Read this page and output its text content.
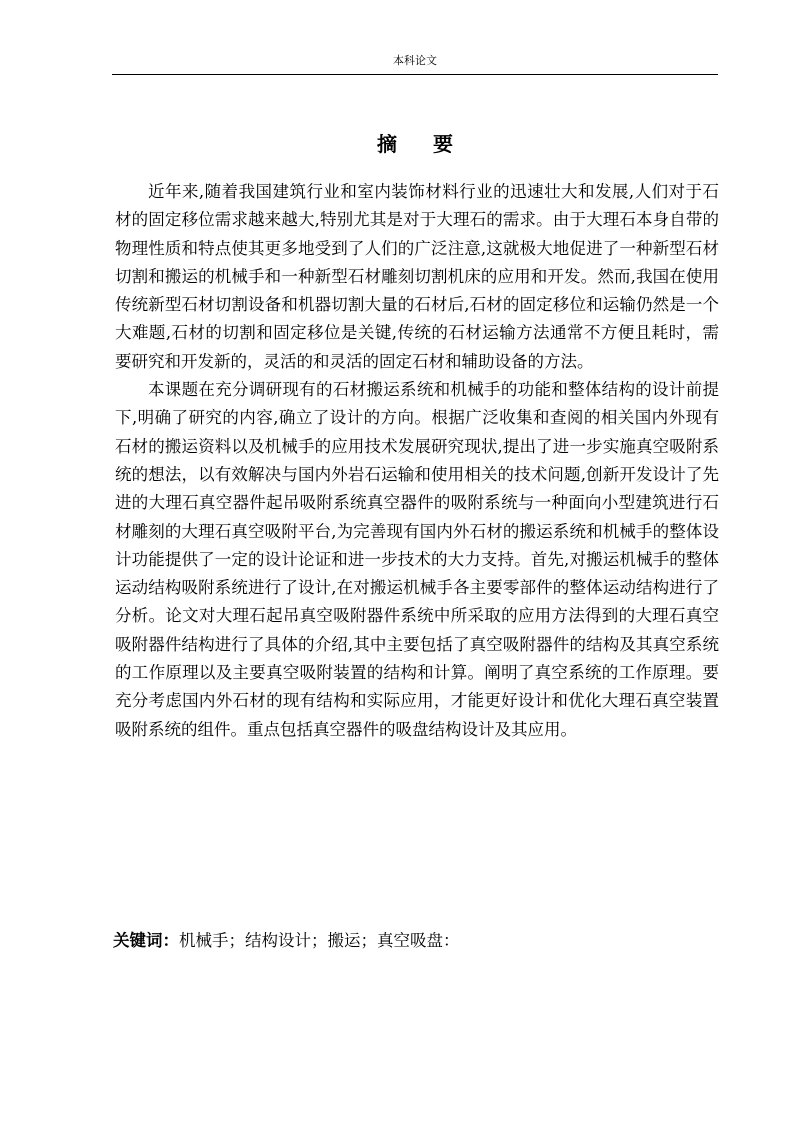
本科论文
摘要

近年来,随着我国建筑行业和室内装饰材料行业的迅速壮大和发展,人们对于石材的固定移位需求越来越大,特别尤其是对于大理石的需求。由于大理石本身自带的物理性质和特点使其更多地受到了人们的广泛注意,这就极大地促进了一种新型石材切割和搬运的机械手和一种新型石材雕刻切割机床的应用和开发。然而,我国在使用传统新型石材切割设备和机器切割大量的石材后,石材的固定移位和运输仍然是一个大难题,石材的切割和固定移位是关键,传统的石材运输方法通常不方便且耗时，需要研究和开发新的，灵活的和灵活的固定石材和辅助设备的方法。

本课题在充分调研现有的石材搬运系统和机械手的功能和整体结构的设计前提下,明确了研究的内容,确立了设计的方向。根据广泛收集和查阅的相关国内外现有石材的搬运资料以及机械手的应用技术发展研究现状,提出了进一步实施真空吸附系统的想法，以有效解决与国内外岩石运输和使用相关的技术问题,创新开发设计了先进的大理石真空器件起吊吸附系统真空器件的吸附系统与一种面向小型建筑进行石材雕刻的大理石真空吸附平台,为完善现有国内外石材的搬运系统和机械手的整体设计功能提供了一定的设计论证和进一步技术的大力支持。首先,对搬运机械手的整体运动结构吸附系统进行了设计,在对搬运机械手各主要零部件的整体运动结构进行了分析。论文对大理石起吊真空吸附器件系统中所采取的应用方法得到的大理石真空吸附器件结构进行了具体的介绍,其中主要包括了真空吸附器件的结构及其真空系统的工作原理以及主要真空吸附装置的结构和计算。阐明了真空系统的工作原理。要充分考虑国内外石材的现有结构和实际应用，才能更好设计和优化大理石真空装置吸附系统的组件。重点包括真空器件的吸盘结构设计及其应用。

关键词：机械手；结构设计；搬运；真空吸盘：
